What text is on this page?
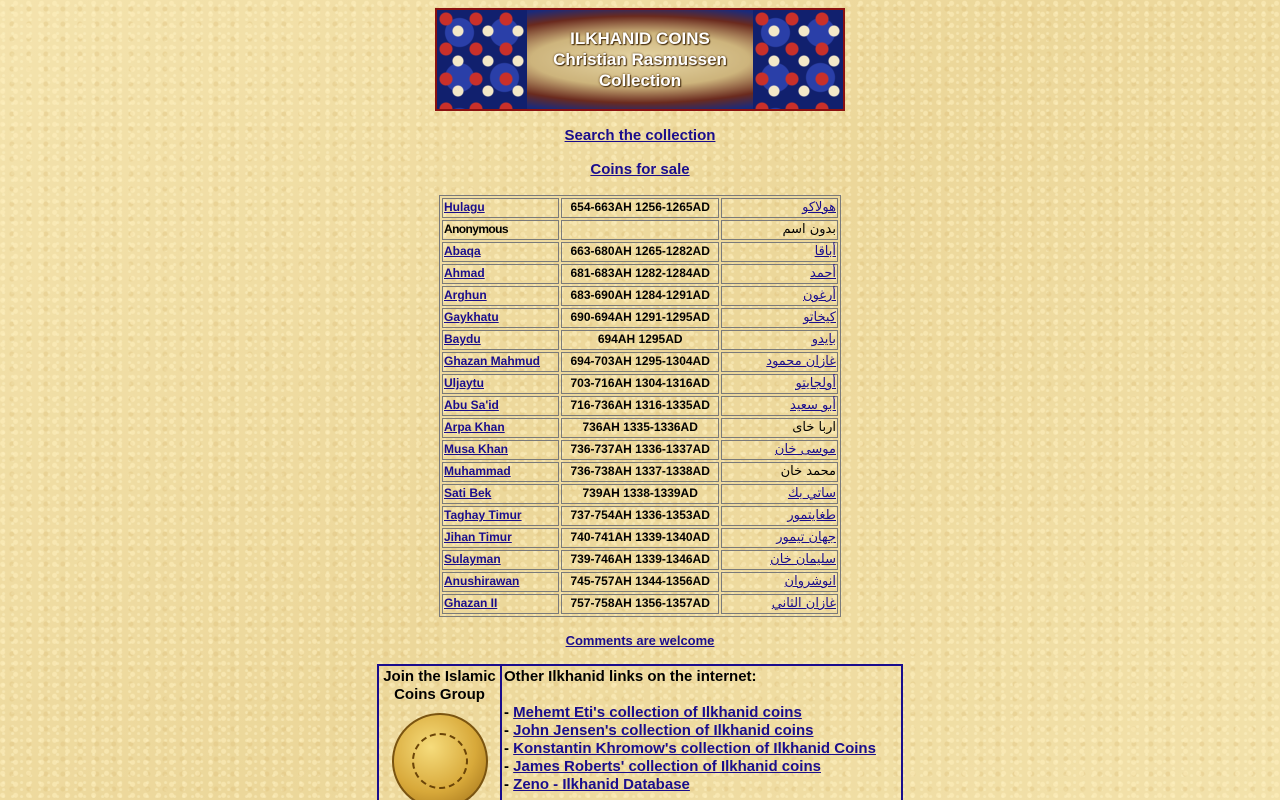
ILKHANID COINS
Christian Rasmussen
Collection
Search the collection
Coins for sale
Hulagu	654-663AH 1256-1265AD	هولاكو
Anonymous		بدون اسم
Abaqa	663-680AH 1265-1282AD	أباقا
Ahmad	681-683AH 1282-1284AD	أحمد
Arghun	683-690AH 1284-1291AD	أرغون
Gaykhatu	690-694AH 1291-1295AD	كيخاتو
Baydu	694AH 1295AD	بايدو
Ghazan Mahmud	694-703AH 1295-1304AD	غازان محمود
Uljaytu	703-716AH 1304-1316AD	أولجايتو
Abu Sa'id	716-736AH 1316-1335AD	أبو سعيد
Arpa Khan	736AH 1335-1336AD	اربا خاى
Musa Khan	736-737AH 1336-1337AD	موسى خان
Muhammad	736-738AH 1337-1338AD	محمد خان
Sati Bek	739AH 1338-1339AD	ساتي بك
Taghay Timur	737-754AH 1336-1353AD	طغايتمور
Jihan Timur	740-741AH 1339-1340AD	جهان تيمور
Sulayman	739-746AH 1339-1346AD	سليمان خان
Anushirawan	745-757AH 1344-1356AD	انوشروان
Ghazan II	757-758AH 1356-1357AD	غازان الثاني
Comments are welcome
Join the Islamic
Coins Group
Other Ilkhanid links on the internet:
- Mehemt Eti's collection of Ilkhanid coins
- John Jensen's collection of Ilkhanid coins
- Konstantin Khromow's collection of Ilkhanid Coins
- James Roberts' collection of Ilkhanid coins
- Zeno - Ilkhanid Database
